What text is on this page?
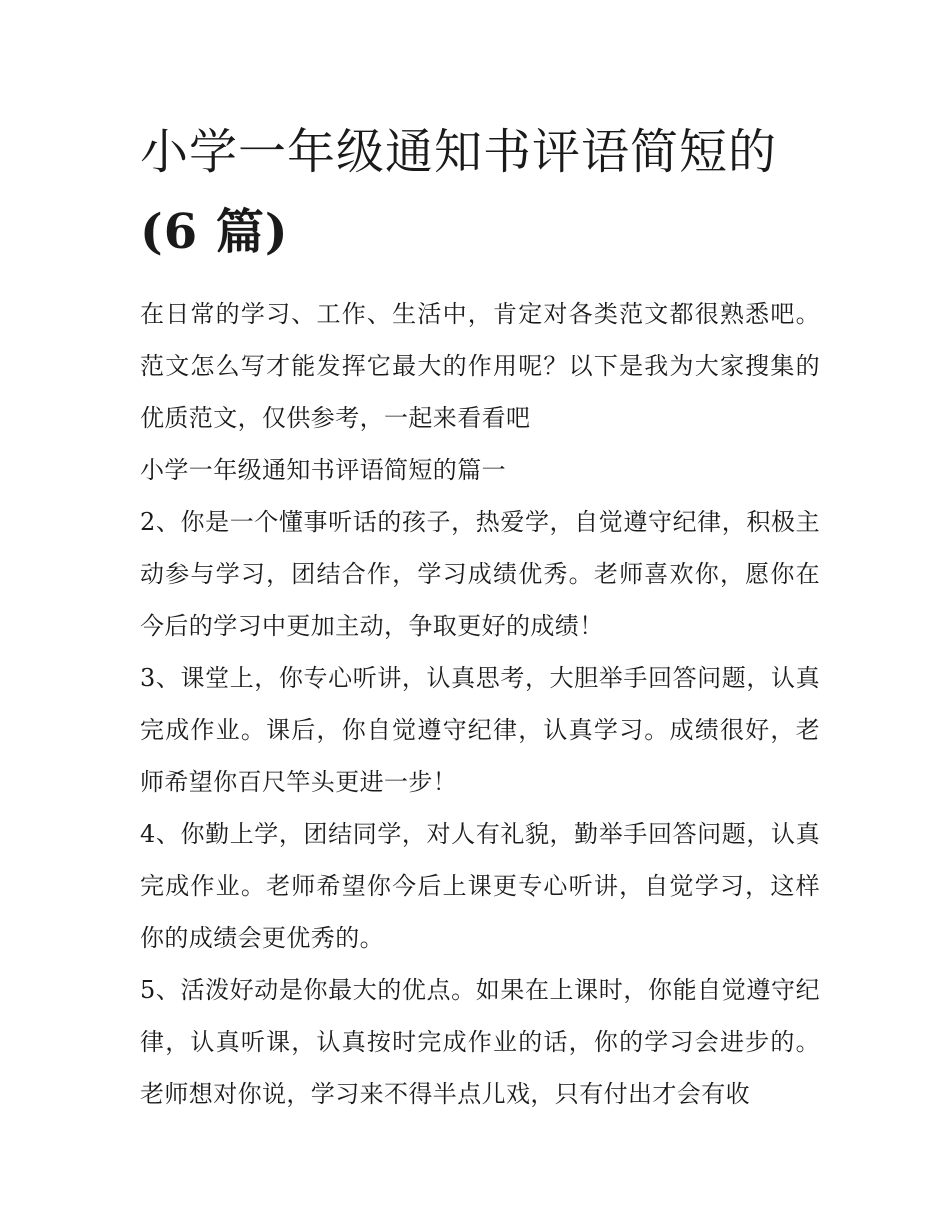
小学一年级通知书评语简短的
(6 篇)

在日常的学习、工作、生活中，肯定对各类范文都很熟悉吧。范文怎么写才能发挥它最大的作用呢？以下是我为大家搜集的优质范文，仅供参考，一起来看看吧

小学一年级通知书评语简短的篇一

2、你是一个懂事听话的孩子，热爱学，自觉遵守纪律，积极主动参与学习，团结合作，学习成绩优秀。老师喜欢你，愿你在今后的学习中更加主动，争取更好的成绩！

3、课堂上，你专心听讲，认真思考，大胆举手回答问题，认真完成作业。课后，你自觉遵守纪律，认真学习。成绩很好，老师希望你百尺竿头更进一步！

4、你勤上学，团结同学，对人有礼貌，勤举手回答问题，认真完成作业。老师希望你今后上课更专心听讲，自觉学习，这样你的成绩会更优秀的。

5、活泼好动是你最大的优点。如果在上课时，你能自觉遵守纪律，认真听课，认真按时完成作业的话，你的学习会进步的。老师想对你说，学习来不得半点儿戏，只有付出才会有收
